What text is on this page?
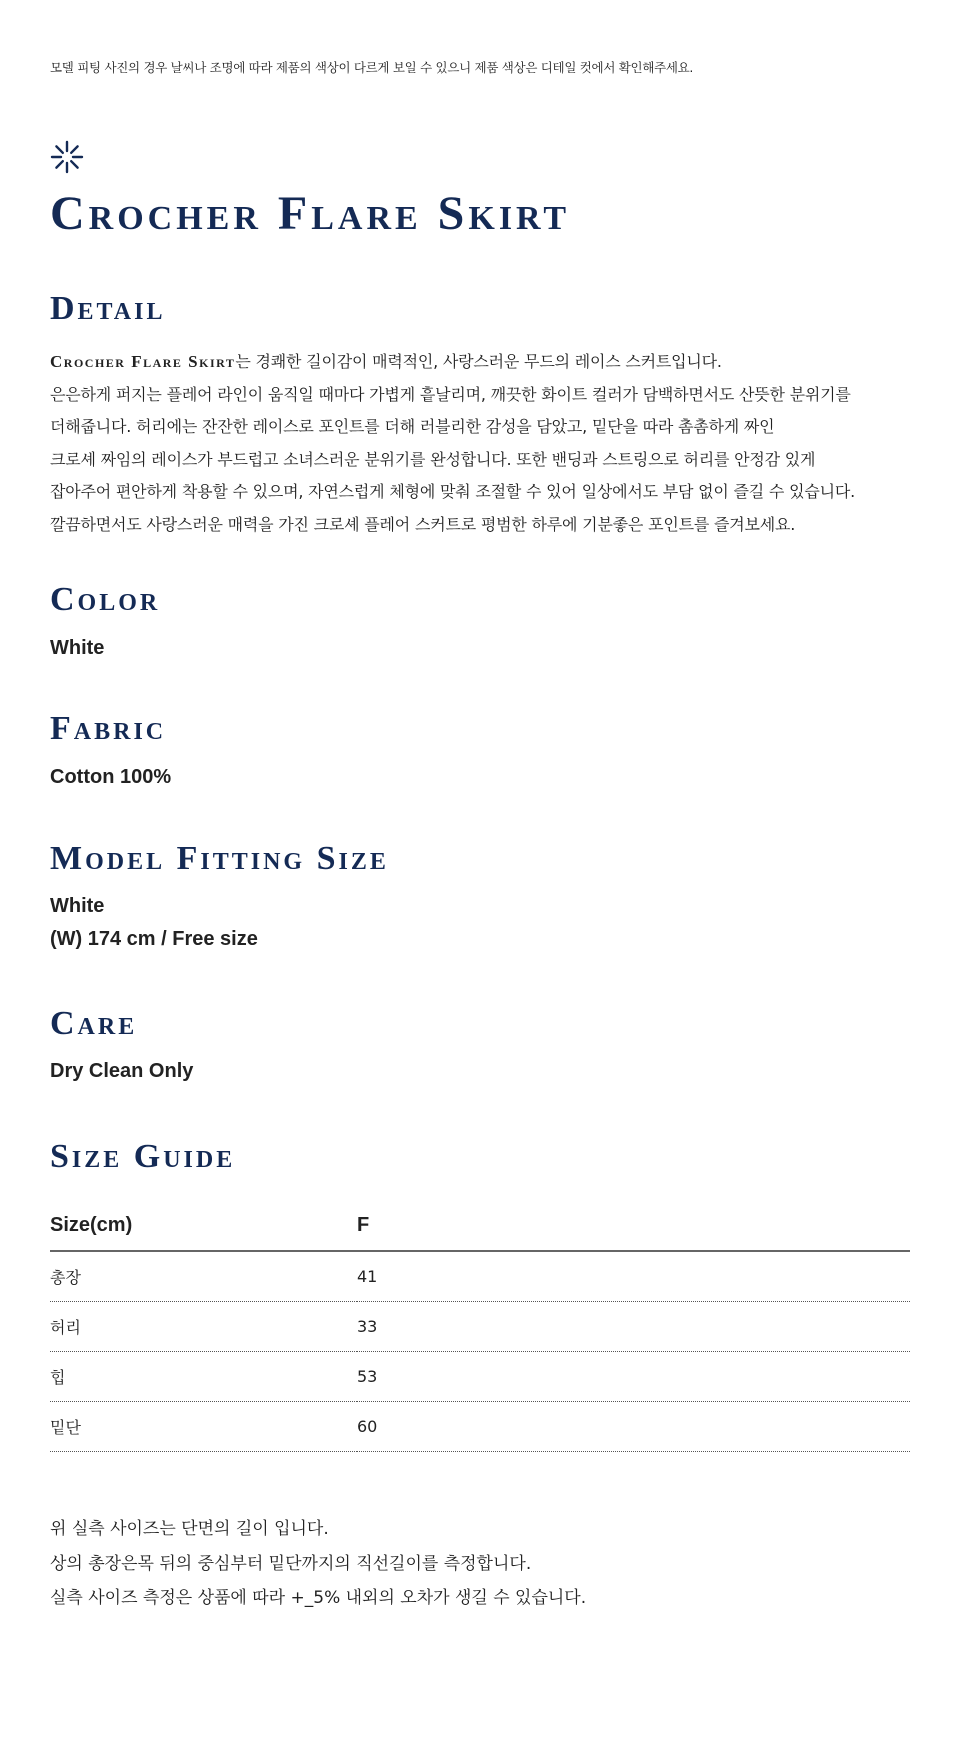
모델 피팅 사진의 경우 날씨나 조명에 따라 제품의 색상이 다르게 보일 수 있으니 제품 색상은 디테일 컷에서 확인해주세요.
Crocher Flare Skirt
Detail
Crocher Flare Skirt는 경쾌한 길이감이 매력적인, 사랑스러운 무드의 레이스 스커트입니다.
은은하게 퍼지는 플레어 라인이 움직일 때마다 가볍게 흩날리며, 깨끗한 화이트 컬러가 담백하면서도 산뜻한 분위기를
더해줍니다. 허리에는 잔잔한 레이스로 포인트를 더해 러블리한 감성을 담았고, 밑단을 따라 촘촘하게 짜인
크로셰 짜임의 레이스가 부드럽고 소녀스러운 분위기를 완성합니다. 또한 밴딩과 스트링으로 허리를 안정감 있게
잡아주어 편안하게 착용할 수 있으며, 자연스럽게 체형에 맞춰 조절할 수 있어 일상에서도 부담 없이 즐길 수 있습니다.
깔끔하면서도 사랑스러운 매력을 가진 크로셰 플레어 스커트로 평범한 하루에 기분좋은 포인트를 즐겨보세요.
Color
White
Fabric
Cotton 100%
Model Fitting Size
White
(W) 174 cm / Free size
Care
Dry Clean Only
Size Guide
Size(cm)	F
총장	41
허리	33
힙	53
밑단	60
위 실측 사이즈는 단면의 길이 입니다.
상의 총장은목 뒤의 중심부터 밑단까지의 직선길이를 측정합니다.
실측 사이즈 측정은 상품에 따라 +_5% 내외의 오차가 생길 수 있습니다.
